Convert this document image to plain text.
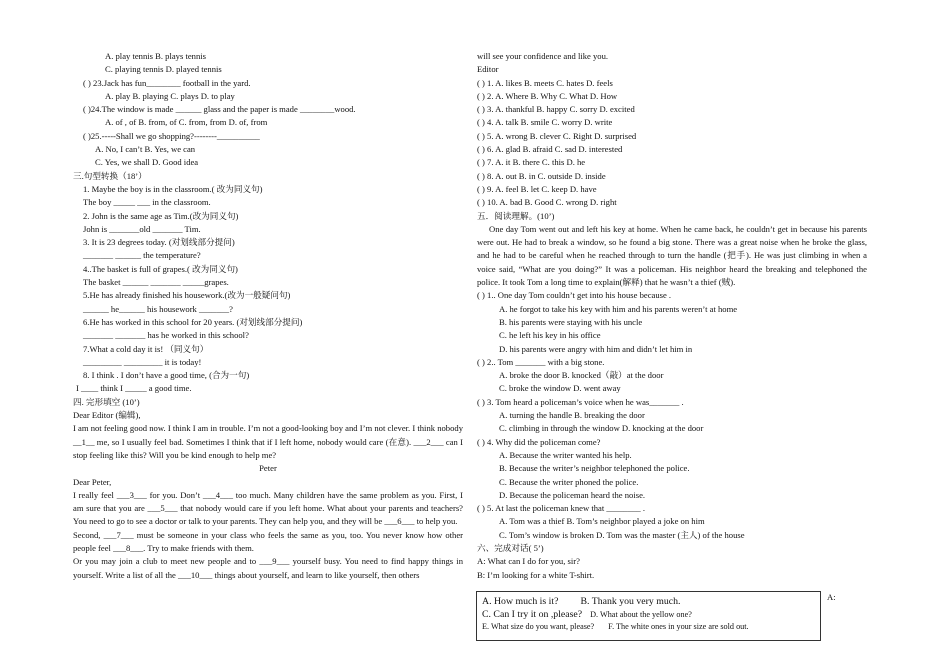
A. play tennis B. plays tennis
C. playing tennis D. played tennis
( ) 23.Jack has fun________ football in the yard.
A. play B. playing C. plays D. to play
( )24.The window is made ______ glass and the paper is made ________wood.
A. of , of B. from, of C. from, from D. of, from
( )25.-----Shall we go shopping?--------__________
A. No, I can’t B. Yes, we can
C. Yes, we shall D. Good idea
三.句型转换（18’）
1. Maybe the boy is in the classroom.( 改为同义句)
The boy _____ ___ in the classroom.
2. John is the same age as Tim.(改为同义句)
John is _______old _______ Tim.
3. It is 23 degrees today. (对划线部分提问)
_______ ______ the temperature?
4..The basket is full of grapes.( 改为同义句)
The basket ______ _______ _____grapes.
5.He has already finished his housework.(改为一般疑问句)
______ he______ his housework _______?
6.He has worked in this school for 20 years. (对划线部分提问)
_______ _______ has he worked in this school?
7.What a cold day it is! （同义句）
_________ _________ it is today!
8. I think . I don’t have a good time, (合为一句)
I ____ think I _____ a good time.
四. 完形填空 (10’)
Dear Editor (编辑),
I am not feeling good now. I think I am in trouble. I’m not a good-looking boy and I’m not clever. I think nobody __1__ me, so I usually feel bad. Sometimes I think that if I left home, nobody would care (在意). ___2___ can I stop feeling like this? Will you be kind enough to help me?
Peter
Dear Peter,
I really feel ___3___ for you. Don’t ___4___ too much. Many children have the same problem as you. First, I am sure that you are ___5___ that nobody would care if you left home. What about your parents and teachers? You need to go to see a doctor or talk to your parents. They can help you, and they will be ___6___ to help you.
Second, ___7___ must be someone in your class who feels the same as you, too. You never know how other people feel ___8___. Try to make friends with them.
Or you may join a club to meet new people and to ___9___ yourself busy. You need to find happy things in yourself. Write a list of all the ___10___ things about yourself, and learn to like yourself, then others
will see your confidence and like you.
Editor
( ) 1. A. likes B. meets C. hates D. feels
( ) 2. A. Where B. Why C. What D. How
( ) 3. A. thankful B. happy C. sorry D. excited
( ) 4. A. talk B. smile C. worry D. write
( ) 5. A. wrong B. clever C. Right D. surprised
( ) 6. A. glad B. afraid C. sad D. interested
( ) 7. A. it B. there C. this D. he
( ) 8. A. out B. in C. outside D. inside
( ) 9. A. feel B. let C. keep D. have
( ) 10. A. bad B. Good C. wrong D. right
五．阅读理解。(10’)
One day Tom went out and left his key at home. When he came back, he couldn’t get in because his parents were out. He had to break a window, so he found a big stone. There was a great noise when he broke the glass, and he had to be careful when he reached through to turn the handle (把手). He was just climbing in when a voice said, “What are you doing?” It was a policeman. His neighbor heard the breaking and telephoned the police. It took Tom a long time to explain(解释) that he wasn’t a thief (贼).
( ) 1.. One day Tom couldn’t get into his house because .
A. he forgot to take his key with him and his parents weren’t at home
B. his parents were staying with his uncle
C. he left his key in his office
D. his parents were angry with him and didn’t let him in
( ) 2.. Tom _______ with a big stone.
A. broke the door B. knocked（敲）at the door
C. broke the window D. went away
( ) 3. Tom heard a policeman’s voice when he was_______ .
A. turning the handle B. breaking the door
C. climbing in through the window D. knocking at the door
( ) 4. Why did the policeman come?
A. Because the writer wanted his help.
B. Because the writer’s neighbor telephoned the police.
C. Because the writer phoned the police.
D. Because the policeman heard the noise.
( ) 5. At last the policeman knew that ________ .
A. Tom was a thief B. Tom’s neighbor played a joke on him
C. Tom’s window is broken D. Tom was the master (主人) of the house
六、完成对话( 5’)
A: What can I do for you, sir?
B: I’m looking for a white T-shirt.
A. How much is it? B. Thank you very much.
C. Can I try it on ,please? D. What about the yellow one?
E. What size do you want, please? F. The white ones in your size are sold out.
A:
